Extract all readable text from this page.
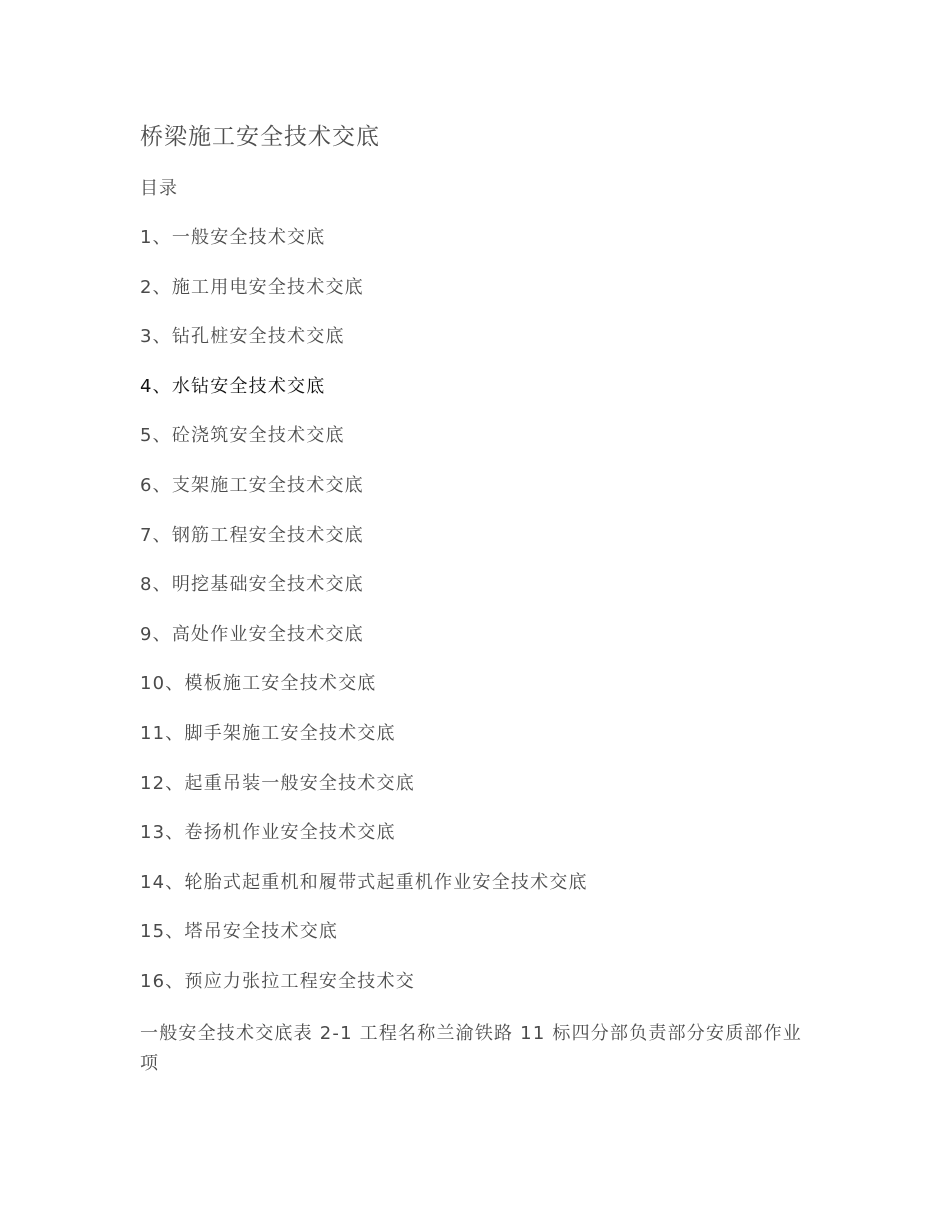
桥梁施工安全技术交底
目录
1、一般安全技术交底
2、施工用电安全技术交底
3、钻孔桩安全技术交底
4、水钻安全技术交底
5、砼浇筑安全技术交底
6、支架施工安全技术交底
7、钢筋工程安全技术交底
8、明挖基础安全技术交底
9、高处作业安全技术交底
10、模板施工安全技术交底
11、脚手架施工安全技术交底
12、起重吊装一般安全技术交底
13、卷扬机作业安全技术交底
14、轮胎式起重机和履带式起重机作业安全技术交底
15、塔吊安全技术交底
16、预应力张拉工程安全技术交
一般安全技术交底表 2-1 工程名称兰渝铁路 11 标四分部负责部分安质部作业项
